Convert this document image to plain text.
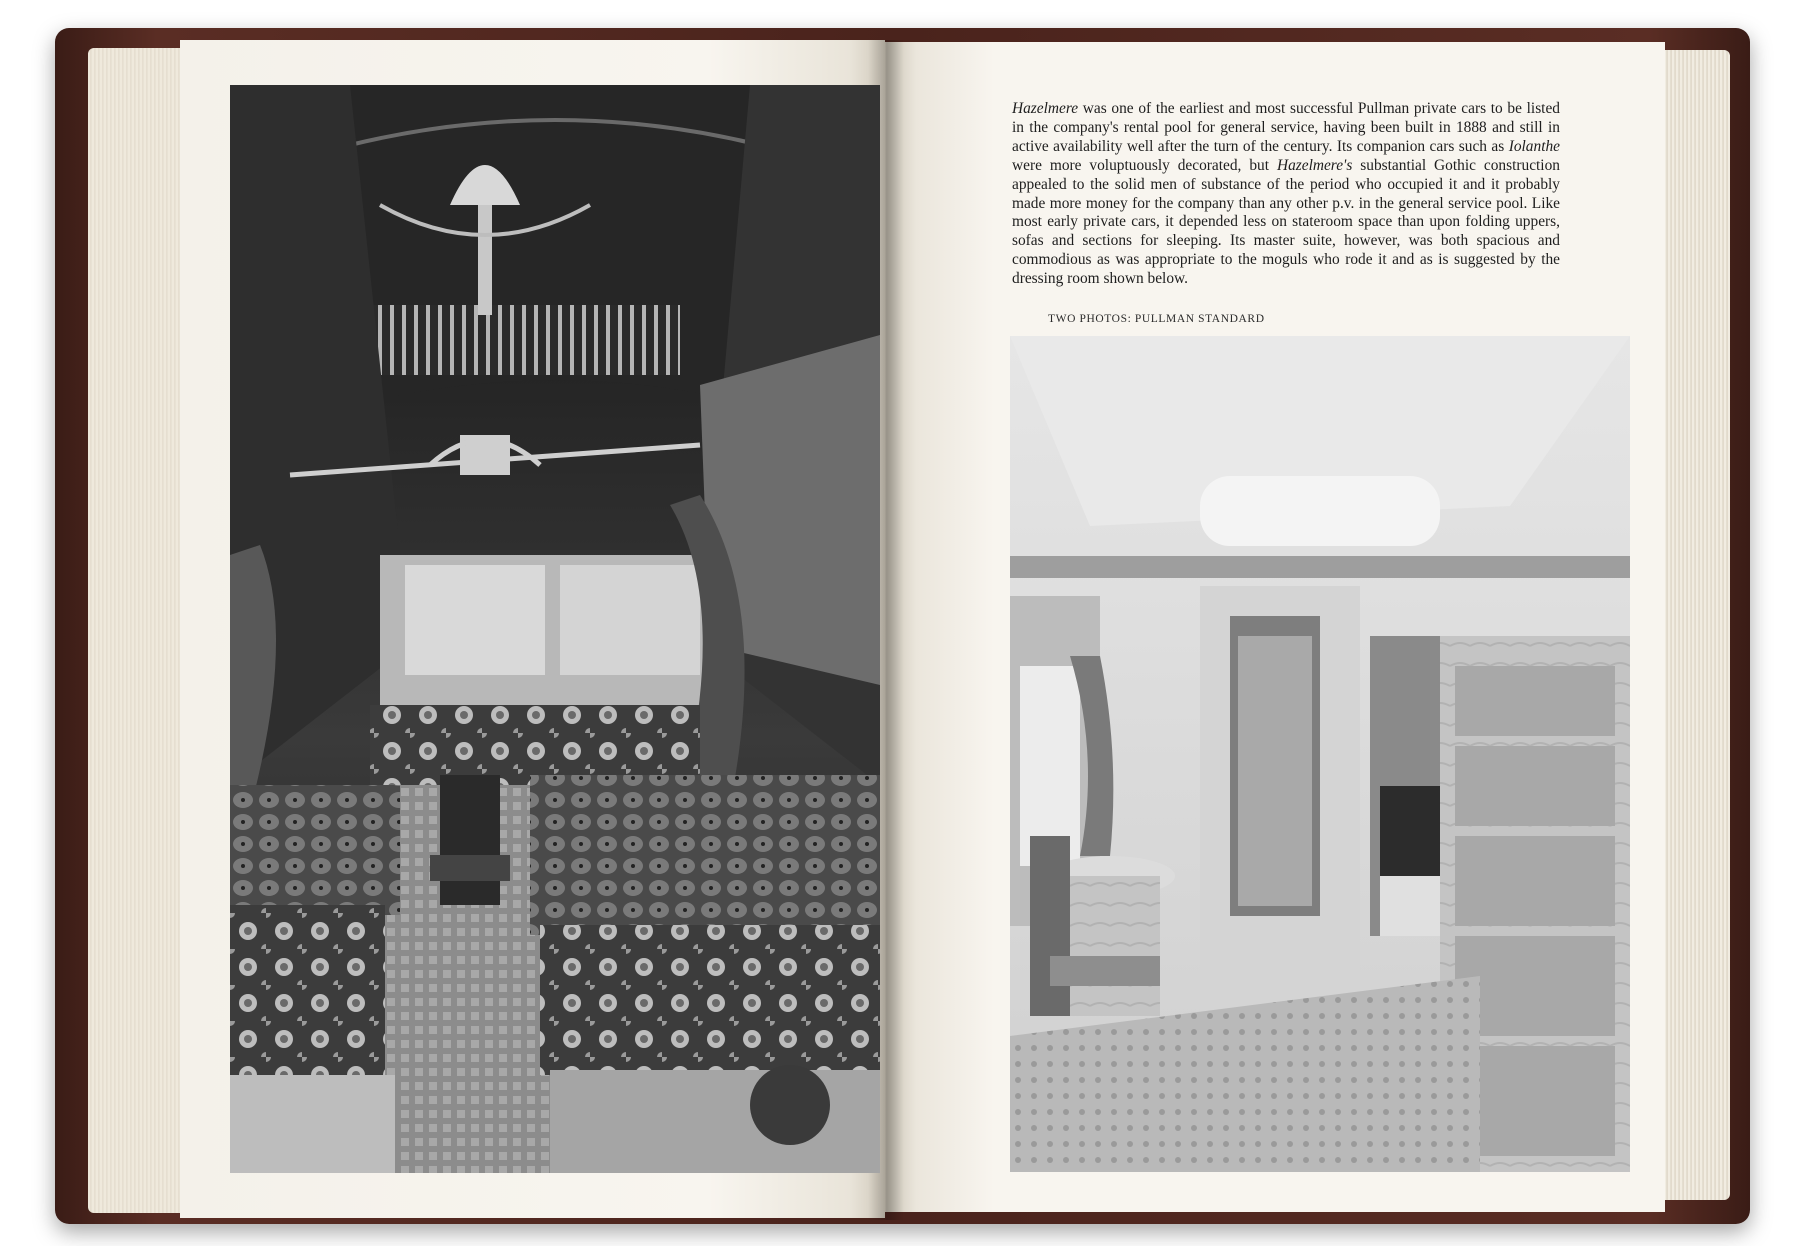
Hazelmere was one of the earliest and most successful Pullman private cars to be listed in the company's rental pool for general service, having been built in 1888 and still in active availability well after the turn of the century. Its companion cars such as Iolanthe were more voluptuously decorated, but Hazelmere's substantial Gothic construction appealed to the solid men of substance of the period who occupied it and it probably made more money for the company than any other p.v. in the general service pool. Like most early private cars, it depended less on stateroom space than upon folding uppers, sofas and sections for sleeping. Its master suite, however, was both spacious and commodious as was appropriate to the moguls who rode it and as is suggested by the dressing room shown below.
TWO PHOTOS: PULLMAN STANDARD
